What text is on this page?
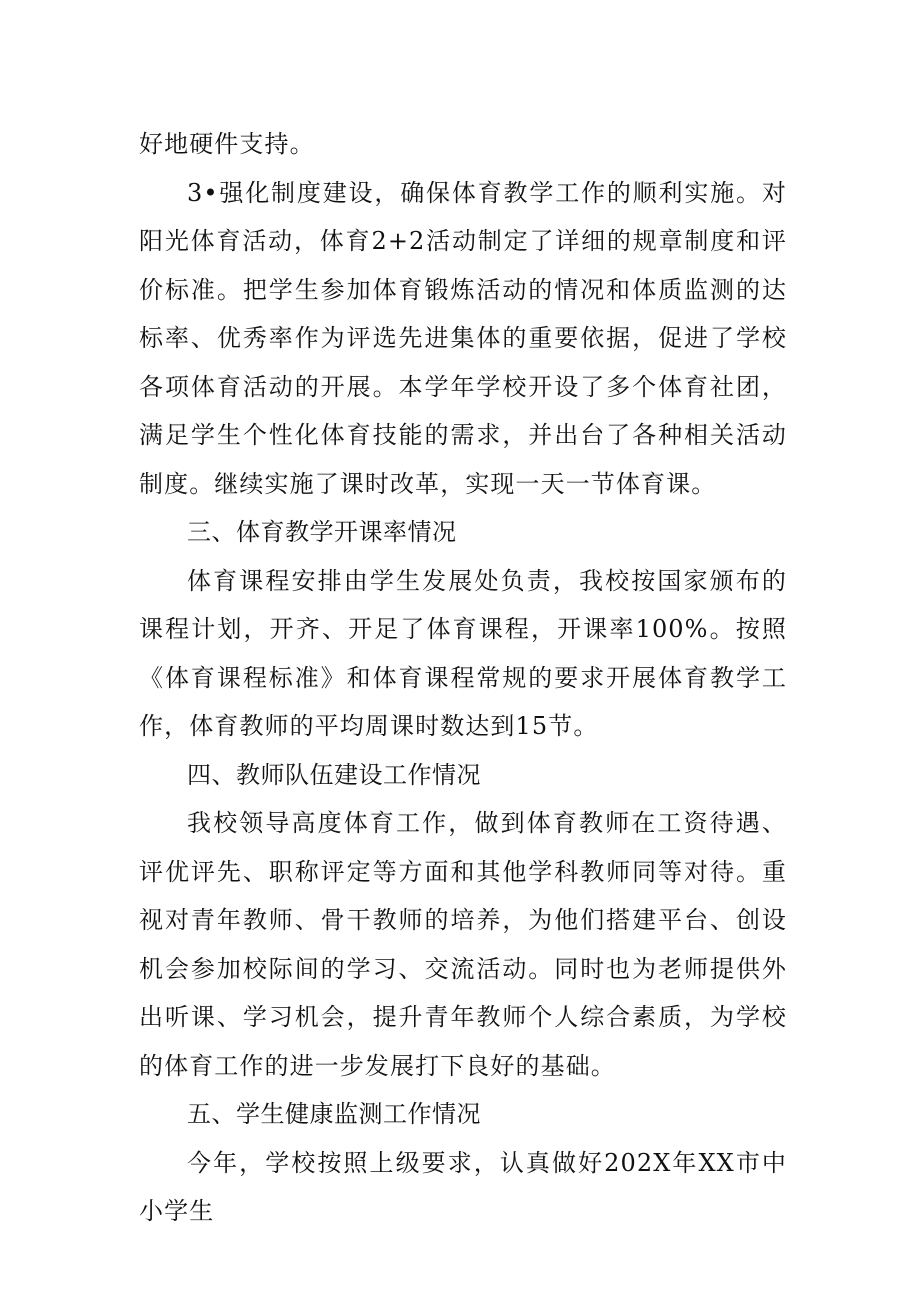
好地硬件支持。

3•强化制度建设，确保体育教学工作的顺利实施。对阳光体育活动，体育2+2活动制定了详细的规章制度和评价标准。把学生参加体育锻炼活动的情况和体质监测的达标率、优秀率作为评选先进集体的重要依据，促进了学校各项体育活动的开展。本学年学校开设了多个体育社团，满足学生个性化体育技能的需求，并出台了各种相关活动制度。继续实施了课时改革，实现一天一节体育课。

三、体育教学开课率情况

体育课程安排由学生发展处负责，我校按国家颁布的课程计划，开齐、开足了体育课程，开课率100%。按照《体育课程标准》和体育课程常规的要求开展体育教学工作，体育教师的平均周课时数达到15节。

四、教师队伍建设工作情况

我校领导高度体育工作，做到体育教师在工资待遇、评优评先、职称评定等方面和其他学科教师同等对待。重视对青年教师、骨干教师的培养，为他们搭建平台、创设机会参加校际间的学习、交流活动。同时也为老师提供外出听课、学习机会，提升青年教师个人综合素质，为学校的体育工作的进一步发展打下良好的基础。

五、学生健康监测工作情况

今年，学校按照上级要求，认真做好202X年XX市中小学生
